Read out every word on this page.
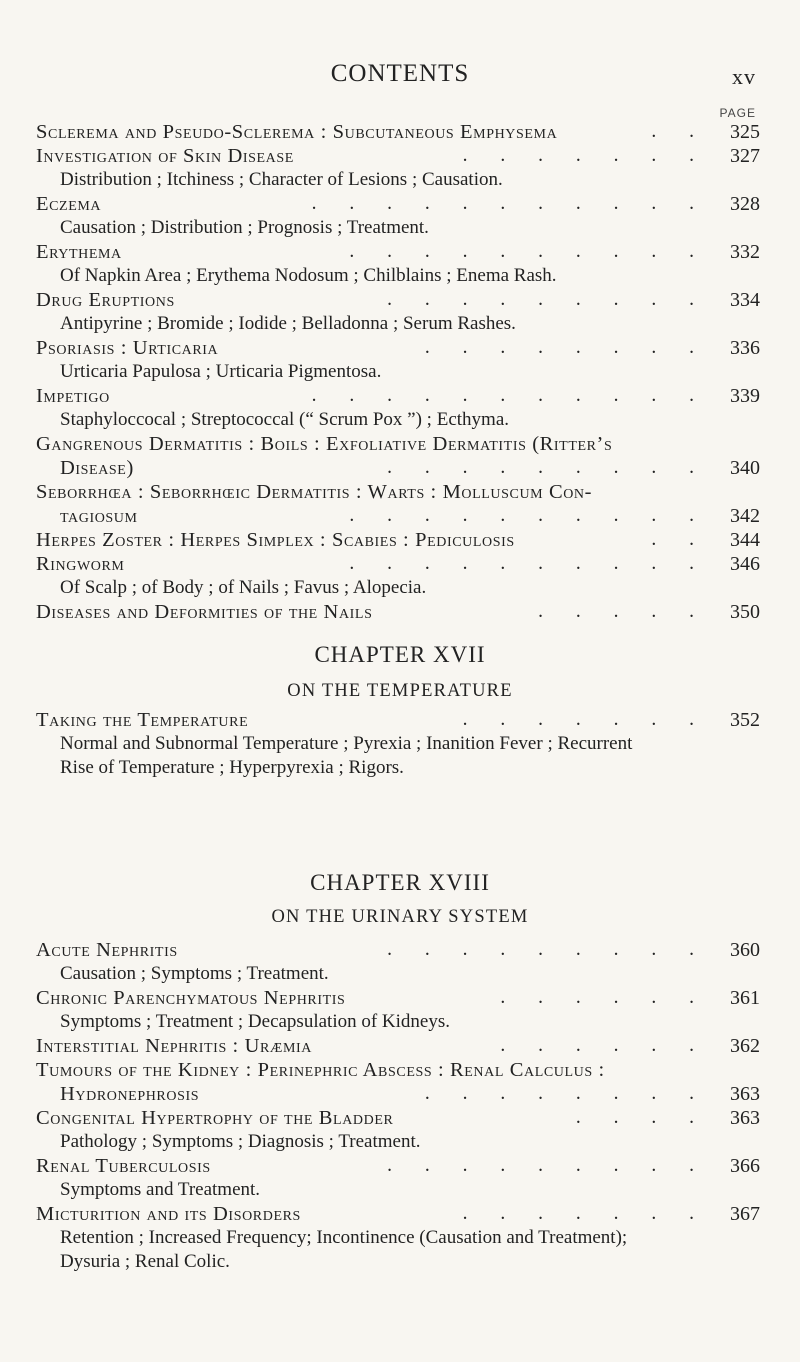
CONTENTS	xv
PAGE
Sclerema and Pseudo-Sclerema : Subcutaneous Emphysema	. .	325
Investigation of Skin Disease	. . . . . . .	327
Distribution ; Itchiness ; Character of Lesions ; Causation.
Eczema	. . . . . . . . . . .	328
Causation ; Distribution ; Prognosis ; Treatment.
Erythema	. . . . . . . . . .	332
Of Napkin Area ; Erythema Nodosum ; Chilblains ; Enema Rash.
Drug Eruptions	. . . . . . . . .	334
Antipyrine ; Bromide ; Iodide ; Belladonna ; Serum Rashes.
Psoriasis : Urticaria	. . . . . . . .	336
Urticaria Papulosa ; Urticaria Pigmentosa.
Impetigo	. . . . . . . . . . .	339
Staphyloccocal ; Streptococcal (“ Scrum Pox ”) ; Ecthyma.
Gangrenous Dermatitis : Boils : Exfoliative Dermatitis (Ritter’s
Disease)	. . . . . . . . .	340
Seborrhœa : Seborrhœic Dermatitis : Warts : Molluscum Con-
tagiosum	. . . . . . . . . .	342
Herpes Zoster : Herpes Simplex : Scabies : Pediculosis	. .	344
Ringworm	. . . . . . . . . .	346
Of Scalp ; of Body ; of Nails ; Favus ; Alopecia.
Diseases and Deformities of the Nails	. . . . .	350
CHAPTER XVII
ON THE TEMPERATURE
Taking the Temperature	. . . . . . .	352
Normal and Subnormal Temperature ; Pyrexia ; Inanition Fever ; Recurrent
Rise of Temperature ; Hyperpyrexia ; Rigors.
CHAPTER XVIII
ON THE URINARY SYSTEM
Acute Nephritis	. . . . . . . . .	360
Causation ; Symptoms ; Treatment.
Chronic Parenchymatous Nephritis	. . . . . .	361
Symptoms ; Treatment ; Decapsulation of Kidneys.
Interstitial Nephritis : Uræmia	. . . . . .	362
Tumours of the Kidney : Perinephric Abscess : Renal Calculus :
Hydronephrosis	. . . . . . . .	363
Congenital Hypertrophy of the Bladder	. . . .	363
Pathology ; Symptoms ; Diagnosis ; Treatment.
Renal Tuberculosis	. . . . . . . . .	366
Symptoms and Treatment.
Micturition and its Disorders	. . . . . . .	367
Retention ; Increased Frequency; Incontinence (Causation and Treatment);
Dysuria ; Renal Colic.
